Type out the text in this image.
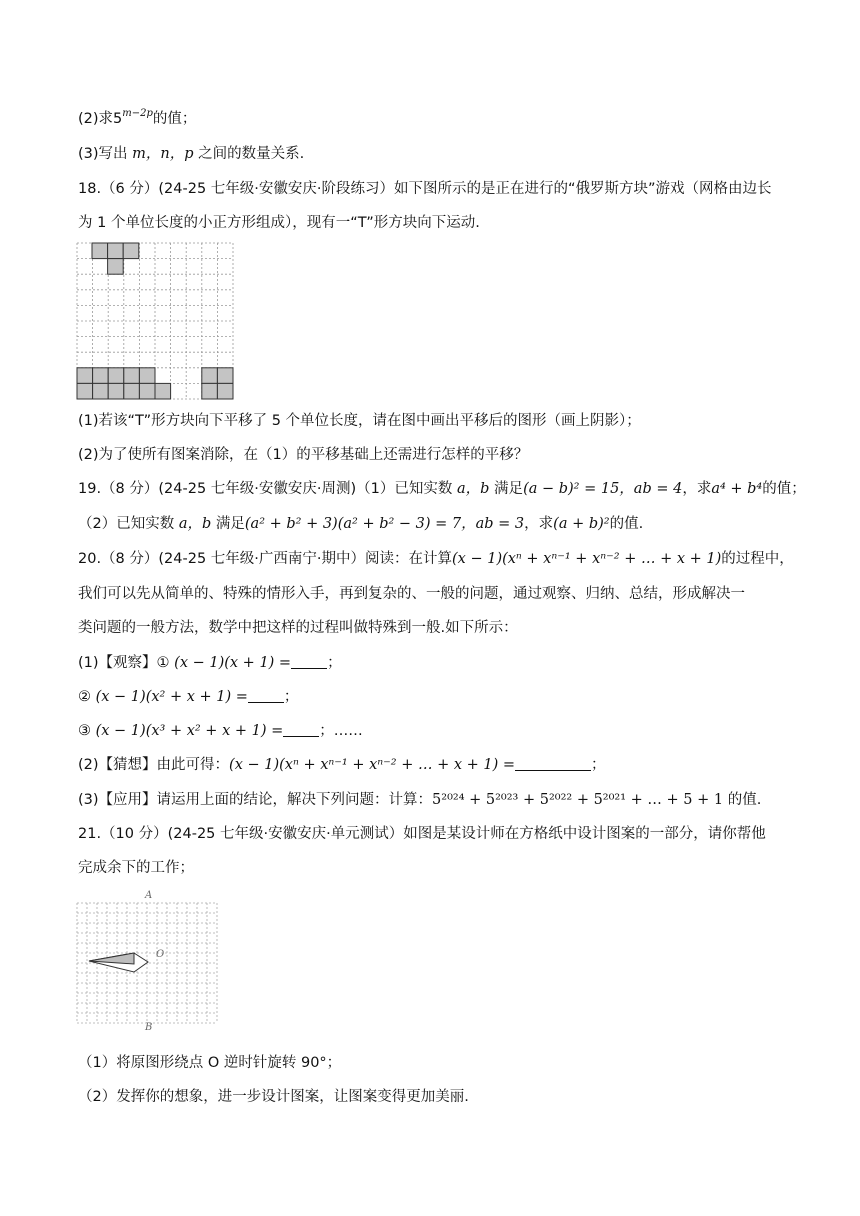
(2)求$5^{m-2p}$的值；
(3)写出 m，n，p 之间的数量关系.
18.（6 分）(24-25 七年级·安徽安庆·阶段练习）如下图所示的是正在进行的“俄罗斯方块”游戏（网格由边长
为 1 个单位长度的小正方形组成），现有一“T”形方块向下运动.
(1)若该“T”形方块向下平移了 5 个单位长度，请在图中画出平移后的图形（画上阴影）；
(2)为了使所有图案消除，在（1）的平移基础上还需进行怎样的平移？
19.（8 分）(24-25 七年级·安徽安庆·周测)（1）已知实数 a，b 满足(a − b)² = 15，ab = 4，求a⁴ + b⁴的值；
（2）已知实数 a，b 满足(a² + b² + 3)(a² + b² − 3) = 7，ab = 3，求(a + b)²的值.
20.（8 分）(24-25 七年级·广西南宁·期中）阅读：在计算(x − 1)(xⁿ + xⁿ⁻¹ + xⁿ⁻² + … + x + 1)的过程中，
我们可以先从简单的、特殊的情形入手，再到复杂的、一般的问题，通过观察、归纳、总结，形成解决一
类问题的一般方法，数学中把这样的过程叫做特殊到一般.如下所示：
(1)【观察】① (x − 1)(x + 1) = ；
② (x − 1)(x² + x + 1) = ；
③ (x − 1)(x³ + x² + x + 1) = ；……
(2)【猜想】由此可得：(x − 1)(xⁿ + xⁿ⁻¹ + xⁿ⁻² + … + x + 1) =	；
(3)【应用】请运用上面的结论，解决下列问题：计算：5²⁰²⁴ + 5²⁰²³ + 5²⁰²² + 5²⁰²¹ + … + 5 + 1 的值.
21.（10 分）(24-25 七年级·安徽安庆·单元测试）如图是某设计师在方格纸中设计图案的一部分，请你帮他
完成余下的工作；
A
O
B
（1）将原图形绕点 O 逆时针旋转 90°；
（2）发挥你的想象，进一步设计图案，让图案变得更加美丽.
